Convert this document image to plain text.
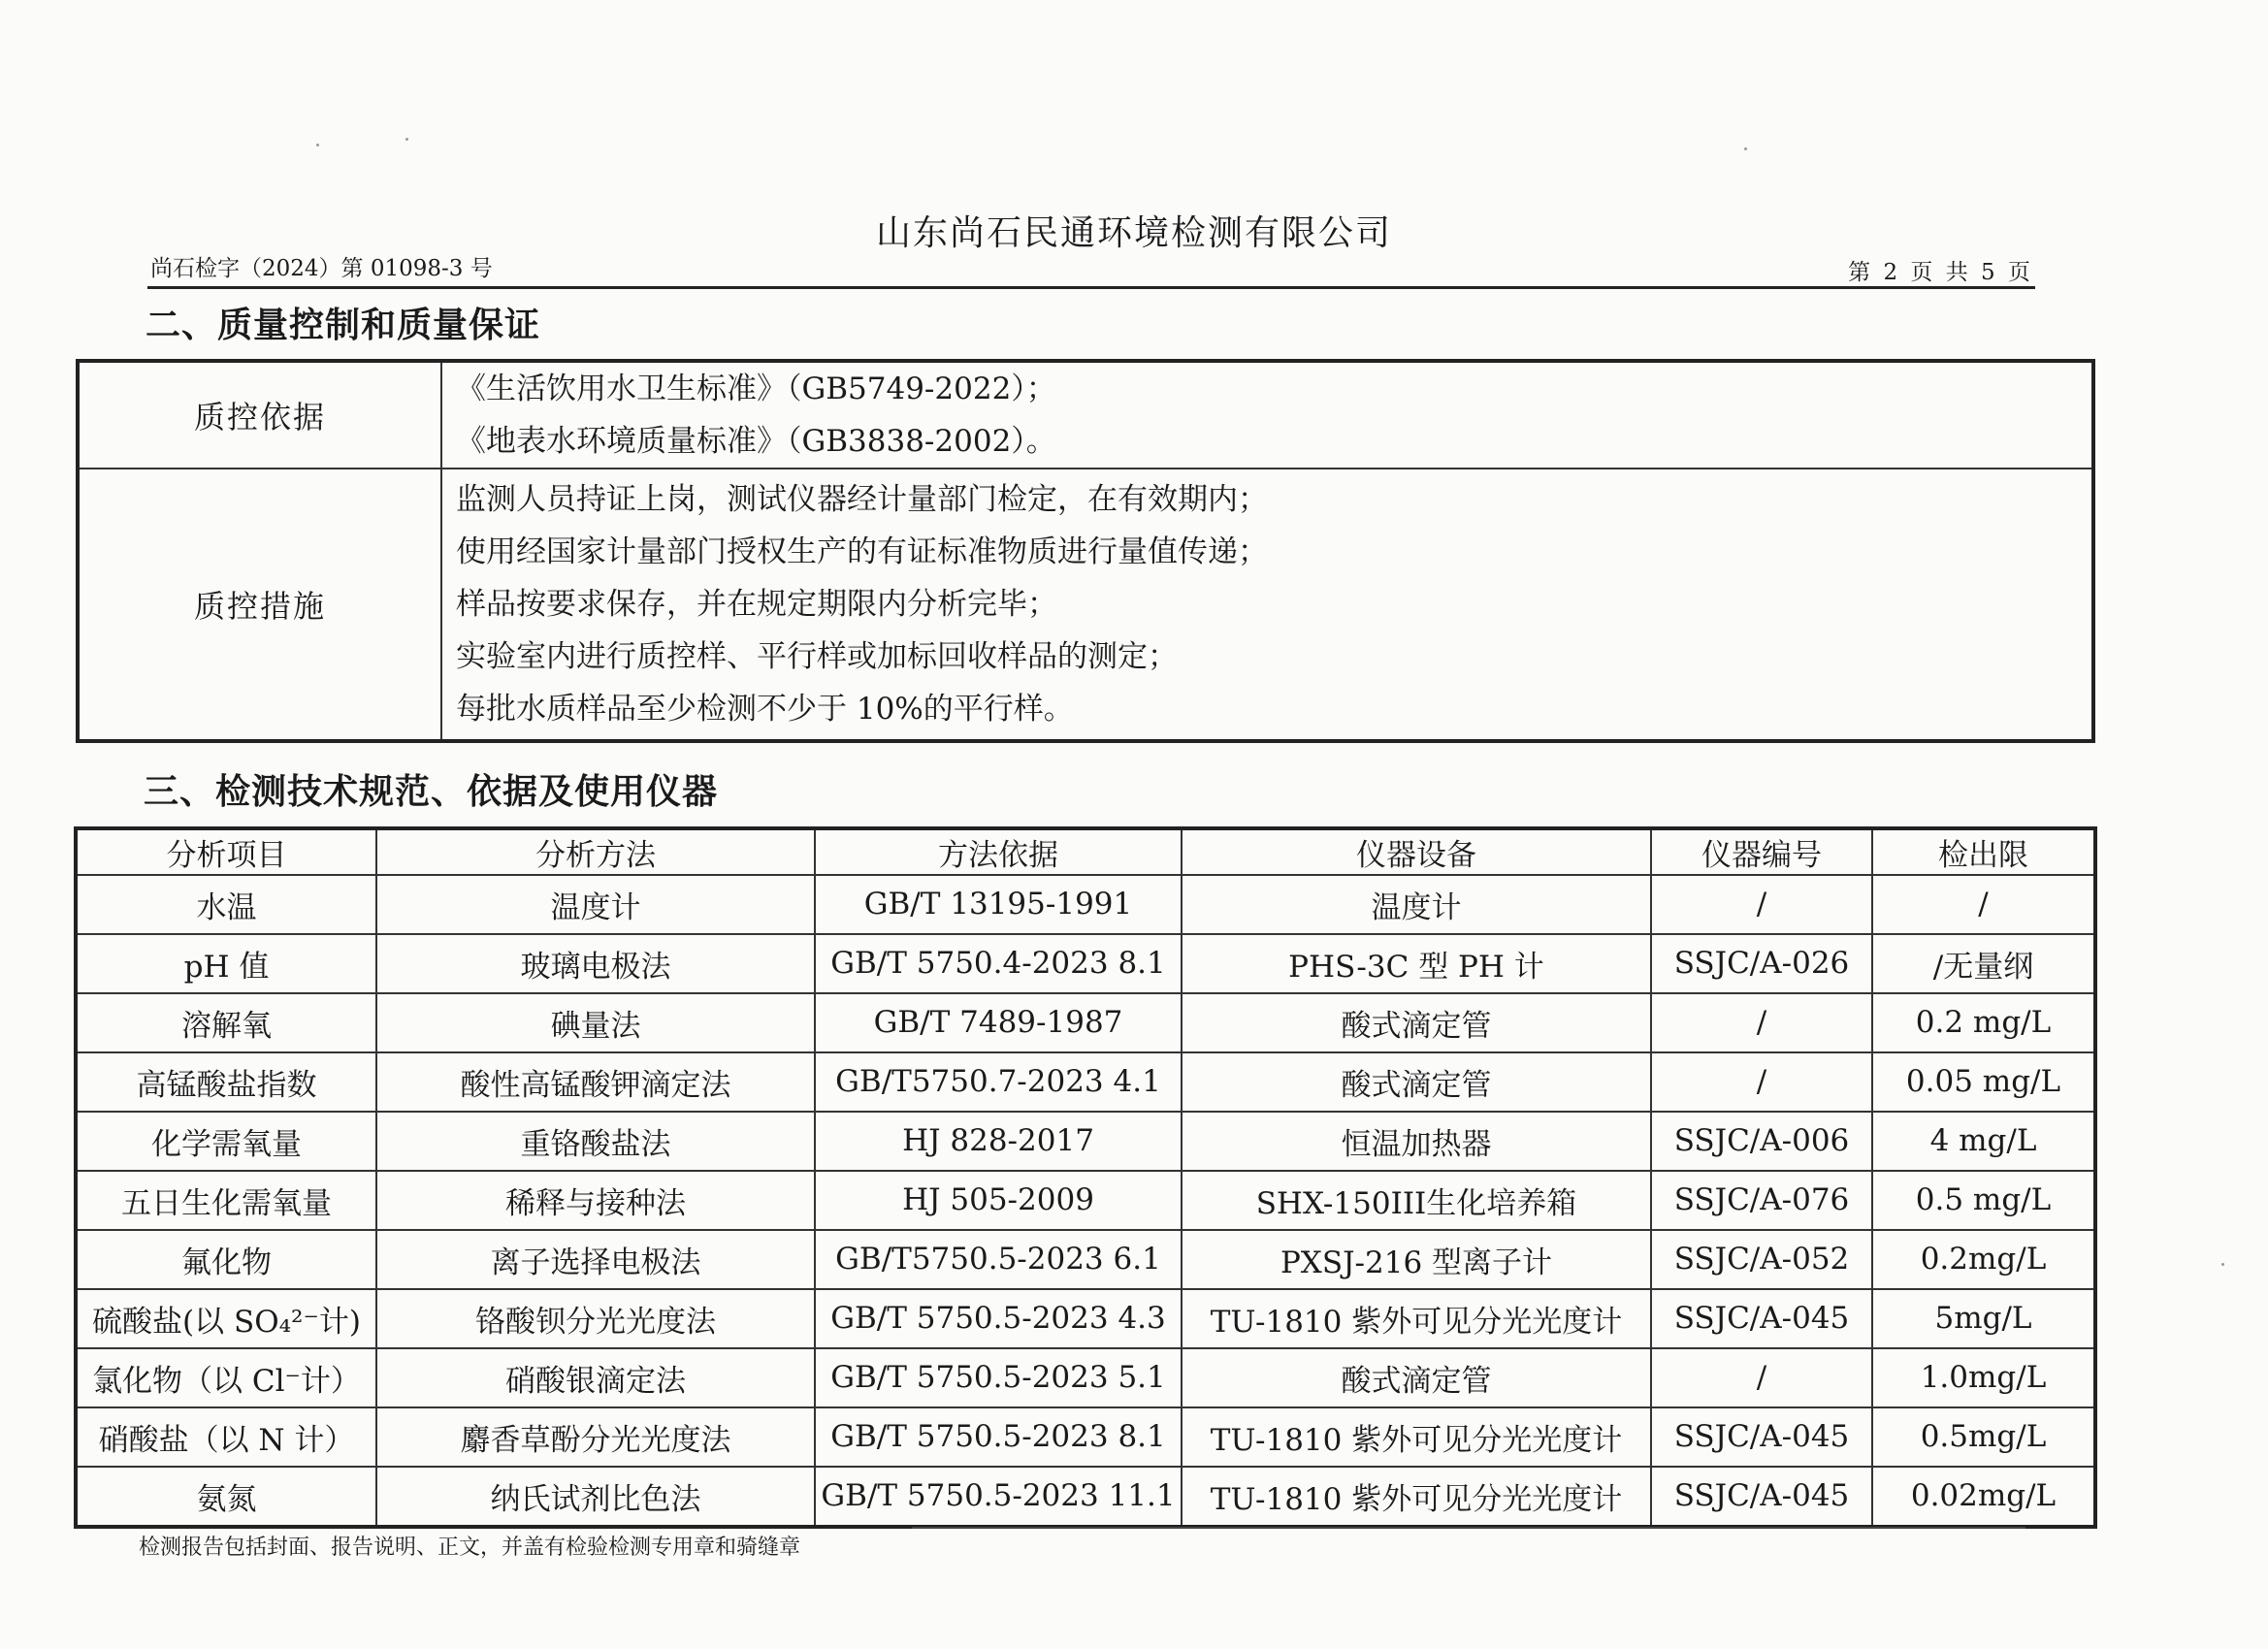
山东尚石民通环境检测有限公司
尚石检字（2024）第 01098-3 号	第 2 页 共 5 页
二、质量控制和质量保证
质控依据	《生活饮用水卫生标准》（GB5749-2022）；
《地表水环境质量标准》（GB3838-2002）。

质控措施	监测人员持证上岗，测试仪器经计量部门检定，在有效期内；
使用经国家计量部门授权生产的有证标准物质进行量值传递；
样品按要求保存，并在规定期限内分析完毕；
实验室内进行质控样、平行样或加标回收样品的测定；
每批水质样品至少检测不少于 10%的平行样。
三、检测技术规范、依据及使用仪器
分析项目	分析方法	方法依据	仪器设备	仪器编号	检出限
水温	温度计	GB/T 13195-1991	温度计	/	/
pH 值	玻璃电极法	GB/T 5750.4-2023 8.1	PHS-3C 型 PH 计	SSJC/A-026	/无量纲
溶解氧	碘量法	GB/T 7489-1987	酸式滴定管	/	0.2 mg/L
高锰酸盐指数	酸性高锰酸钾滴定法	GB/T5750.7-2023 4.1	酸式滴定管	/	0.05 mg/L
化学需氧量	重铬酸盐法	HJ 828-2017	恒温加热器	SSJC/A-006	4 mg/L
五日生化需氧量	稀释与接种法	HJ 505-2009	SHX-150III生化培养箱	SSJC/A-076	0.5 mg/L
氟化物	离子选择电极法	GB/T5750.5-2023 6.1	PXSJ-216 型离子计	SSJC/A-052	0.2mg/L
硫酸盐(以 SO₄²⁻计)	铬酸钡分光光度法	GB/T 5750.5-2023 4.3	TU-1810 紫外可见分光光度计	SSJC/A-045	5mg/L
氯化物（以 Cl⁻计）	硝酸银滴定法	GB/T 5750.5-2023 5.1	酸式滴定管	/	1.0mg/L
硝酸盐（以 N 计）	麝香草酚分光光度法	GB/T 5750.5-2023 8.1	TU-1810 紫外可见分光光度计	SSJC/A-045	0.5mg/L
氨氮	纳氏试剂比色法	GB/T 5750.5-2023 11.1	TU-1810 紫外可见分光光度计	SSJC/A-045	0.02mg/L
检测报告包括封面、报告说明、正文，并盖有检验检测专用章和骑缝章
